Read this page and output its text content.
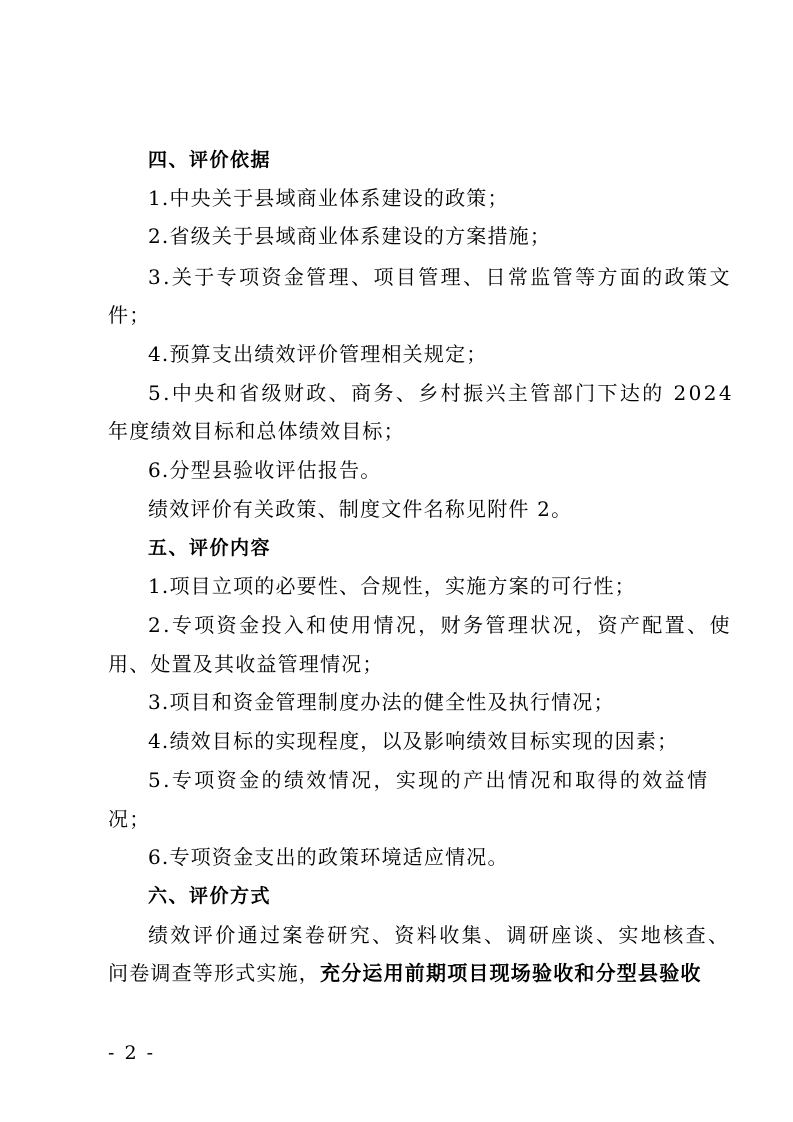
四、评价依据
1.中央关于县域商业体系建设的政策；
2.省级关于县域商业体系建设的方案措施；
3.关于专项资金管理、项目管理、日常监管等方面的政策文
件；
4.预算支出绩效评价管理相关规定；
5.中央和省级财政、商务、乡村振兴主管部门下达的 2024
年度绩效目标和总体绩效目标；
6.分型县验收评估报告。
绩效评价有关政策、制度文件名称见附件 2。
五、评价内容
1.项目立项的必要性、合规性，实施方案的可行性；
2.专项资金投入和使用情况，财务管理状况，资产配置、使
用、处置及其收益管理情况；
3.项目和资金管理制度办法的健全性及执行情况；
4.绩效目标的实现程度，以及影响绩效目标实现的因素；
5.专项资金的绩效情况，实现的产出情况和取得的效益情
况；
6.专项资金支出的政策环境适应情况。
六、评价方式
绩效评价通过案卷研究、资料收集、调研座谈、实地核查、
问卷调查等形式实施，充分运用前期项目现场验收和分型县验收
- 2 -
